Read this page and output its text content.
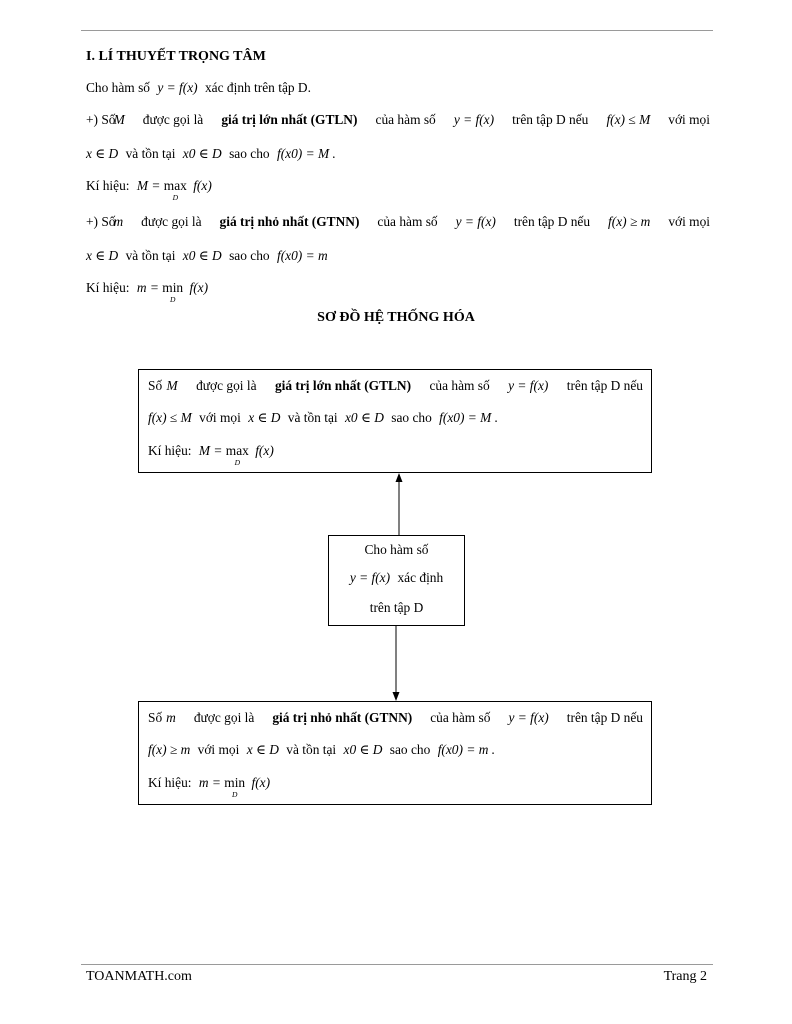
I. LÍ THUYẾT TRỌNG TÂM
Cho hàm số y = f(x) xác định trên tập D.
+) Số
M được gọi là giá trị lớn nhất (GTLN) của hàm số y = f(x) trên tập D nếu f(x) ≤ M với mọi
x ∈ D và tồn tại x0 ∈ D sao cho f(x0) = M .
Kí hiệu: M = max
D
f(x)
+) Số
m được gọi là giá trị nhỏ nhất (GTNN) của hàm số y = f(x) trên tập D nếu f(x) ≥ m với mọi
x ∈ D và tồn tại x0 ∈ D sao cho f(x0) = m
Kí hiệu: m = min
D
f(x)
SƠ ĐỒ HỆ THỐNG HÓA
Số M được gọi là giá trị lớn nhất (GTLN) của hàm số y = f(x) trên tập D nếu
f(x) ≤ M với mọi x ∈ D và tồn tại x0 ∈ D sao cho f(x0) = M .
Kí hiệu: M = max
D
f(x)
Cho hàm số
y = f(x) xác định
trên tập D
Số m được gọi là giá trị nhỏ nhất (GTNN) của hàm số y = f(x) trên tập D nếu
f(x) ≥ m với mọi x ∈ D và tồn tại x0 ∈ D sao cho f(x0) = m .
Kí hiệu: m = min
D
f(x)
TOANMATH.com	Trang 2
